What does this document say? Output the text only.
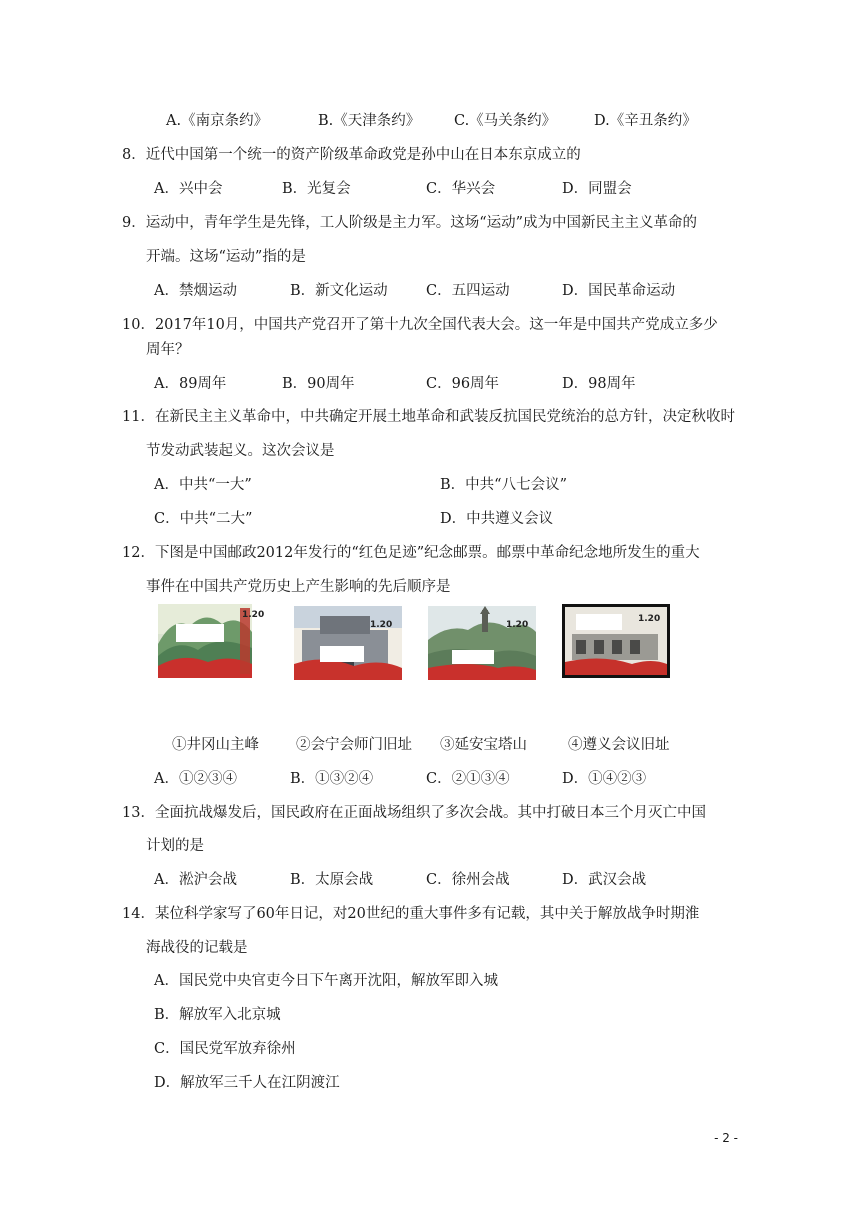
A.《南京条约》	B.《天津条约》 C.《马关条约》	D.《辛丑条约》
8．近代中国第一个统一的资产阶级革命政党是孙中山在日本东京成立的
A．兴中会	B．光复会	C．华兴会	D．同盟会
9．运动中，青年学生是先锋，工人阶级是主力军。这场“运动”成为中国新民主主义革命的
开端。这场“运动”指的是
A．禁烟运动	B．新文化运动	C．五四运动	D．国民革命运动
10．2017年10月，中国共产党召开了第十九次全国代表大会。这一年是中国共产党成立多少
周年？
A．89周年	B．90周年	C．96周年	D．98周年
11．在新民主主义革命中，中共确定开展土地革命和武装反抗国民党统治的总方针，决定秋收时
节发动武装起义。这次会议是
A．中共“一大”	B．中共“八七会议”
C．中共“二大”	D．中共遵义会议
12．下图是中国邮政2012年发行的“红色足迹”纪念邮票。邮票中革命纪念地所发生的重大
事件在中国共产党历史上产生影响的先后顺序是
1.20
1.20	1.20
1.20
①井冈山主峰	②会宁会师门旧址 ③延安宝塔山	④遵义会议旧址
A．①②③④	B．①③②④	C．②①③④	D．①④②③
13．全面抗战爆发后，国民政府在正面战场组织了多次会战。其中打破日本三个月灭亡中国
计划的是
A．淞沪会战	B．太原会战	C．徐州会战	D．武汉会战
14．某位科学家写了60年日记，对20世纪的重大事件多有记载，其中关于解放战争时期淮
海战役的记载是
A．国民党中央官吏今日下午离开沈阳，解放军即入城
B．解放军入北京城
C．国民党军放弃徐州
D．解放军三千人在江阴渡江
- 2 -
